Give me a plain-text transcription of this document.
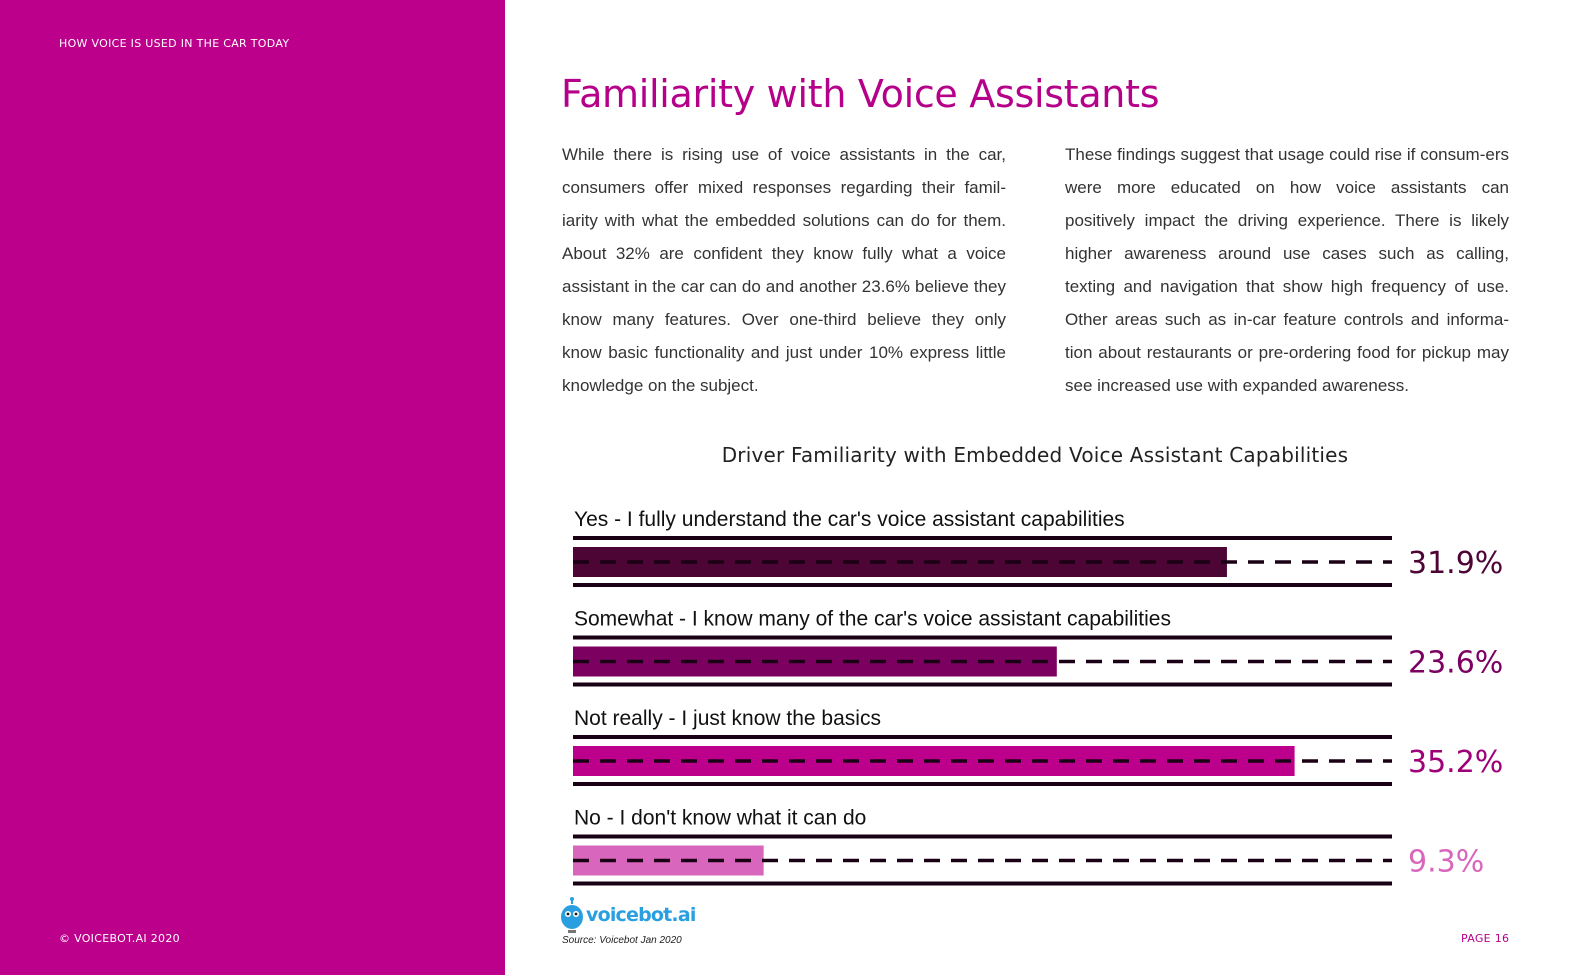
HOW VOICE IS USED IN THE CAR TODAY
© VOICEBOT.AI 2020
Familiarity with Voice Assistants

While there is rising use of voice assistants in the car, consumers offer mixed responses regarding their famil-iarity with what the embedded solutions can do for them. About 32% are confident they know fully what a voice assistant in the car can do and another 23.6% believe they know many features. Over one-third believe they only know basic functionality and just under 10% express little knowledge on the subject.

These findings suggest that usage could rise if consum-ers were more educated on how voice assistants can positively impact the driving experience. There is likely higher awareness around use cases such as calling, texting and navigation that show high frequency of use. Other areas such as in-car feature controls and informa-tion about restaurants or pre-ordering food for pickup may see increased use with expanded awareness.

Driver Familiarity with Embedded Voice Assistant Capabilities
Yes - I fully understand the car's voice assistant capabilities
31.9%
Somewhat - I know many of the car's voice assistant capabilities
23.6%
Not really - I just know the basics
35.2%
No - I don't know what it can do
9.3%
voicebot.ai
Source: Voicebot Jan 2020	PAGE 16
